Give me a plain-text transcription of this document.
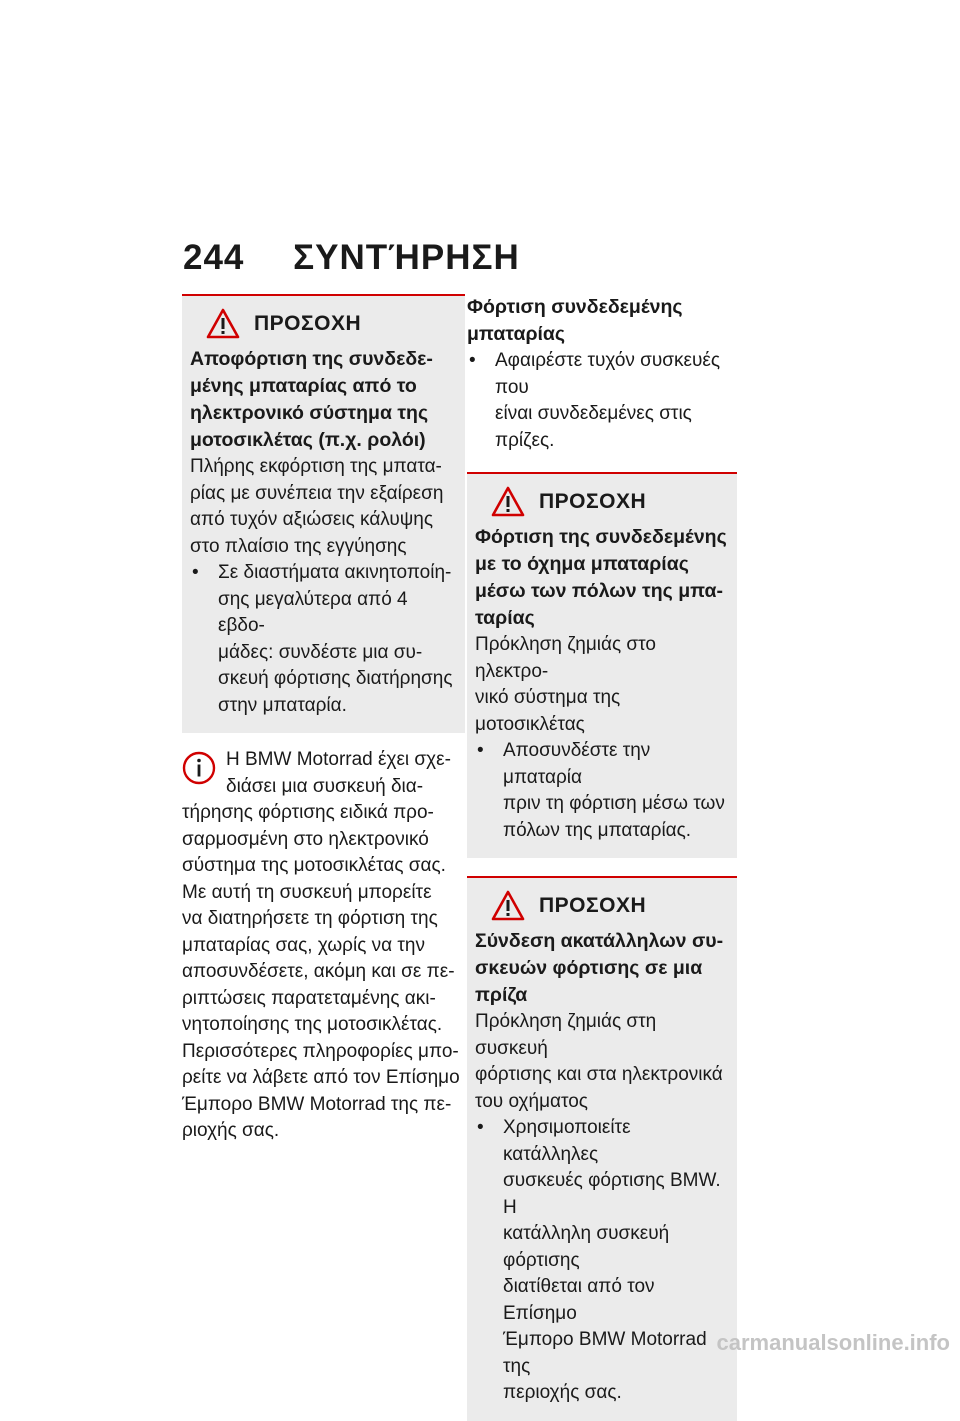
244 ΣΥΝΤΉΡΗΣΗ
ΠΡΟΣΟΧΗ
Αποφόρτιση της συνδεδε-
μένης μπαταρίας από το
ηλεκτρονικό σύστημα της
μοτοσικλέτας (π.χ. ρολόι)
Πλήρης εκφόρτιση της μπατα-
ρίας με συνέπεια την εξαίρεση
από τυχόν αξιώσεις κάλυψης
στο πλαίσιο της εγγύησης
• Σε διαστήματα ακινητοποίη-
σης μεγαλύτερα από 4 εβδο-
μάδες: συνδέστε μια συ-
σκευή φόρτισης διατήρησης
στην μπαταρία.
Η BMW Motorrad έχει σχε-
διάσει μια συσκευή δια-
τήρησης φόρτισης ειδικά προ-
σαρμοσμένη στο ηλεκτρονικό
σύστημα της μοτοσικλέτας σας.
Με αυτή τη συσκευή μπορείτε
να διατηρήσετε τη φόρτιση της
μπαταρίας σας, χωρίς να την
αποσυνδέσετε, ακόμη και σε πε-
ριπτώσεις παρατεταμένης ακι-
νητοποίησης της μοτοσικλέτας.
Περισσότερες πληροφορίες μπο-
ρείτε να λάβετε από τον Επίσημο
Έμπορο BMW Motorrad της πε-
ριοχής σας.
Φόρτιση συνδεδεμένης
μπαταρίας
• Αφαιρέστε τυχόν συσκευές που
είναι συνδεδεμένες στις πρίζες.
ΠΡΟΣΟΧΗ
Φόρτιση της συνδεδεμένης
με το όχημα μπαταρίας
μέσω των πόλων της μπα-
ταρίας
Πρόκληση ζημιάς στο ηλεκτρο-
νικό σύστημα της μοτοσικλέτας
• Αποσυνδέστε την μπαταρία
πριν τη φόρτιση μέσω των
πόλων της μπαταρίας.
ΠΡΟΣΟΧΗ
Σύνδεση ακατάλληλων συ-
σκευών φόρτισης σε μια
πρίζα
Πρόκληση ζημιάς στη συσκευή
φόρτισης και στα ηλεκτρονικά
του οχήματος
• Χρησιμοποιείτε κατάλληλες
συσκευές φόρτισης BMW. Η
κατάλληλη συσκευή φόρτισης
διατίθεται από τον Επίσημο
Έμπορο BMW Motorrad της
περιοχής σας.
carmanualsonline.info
